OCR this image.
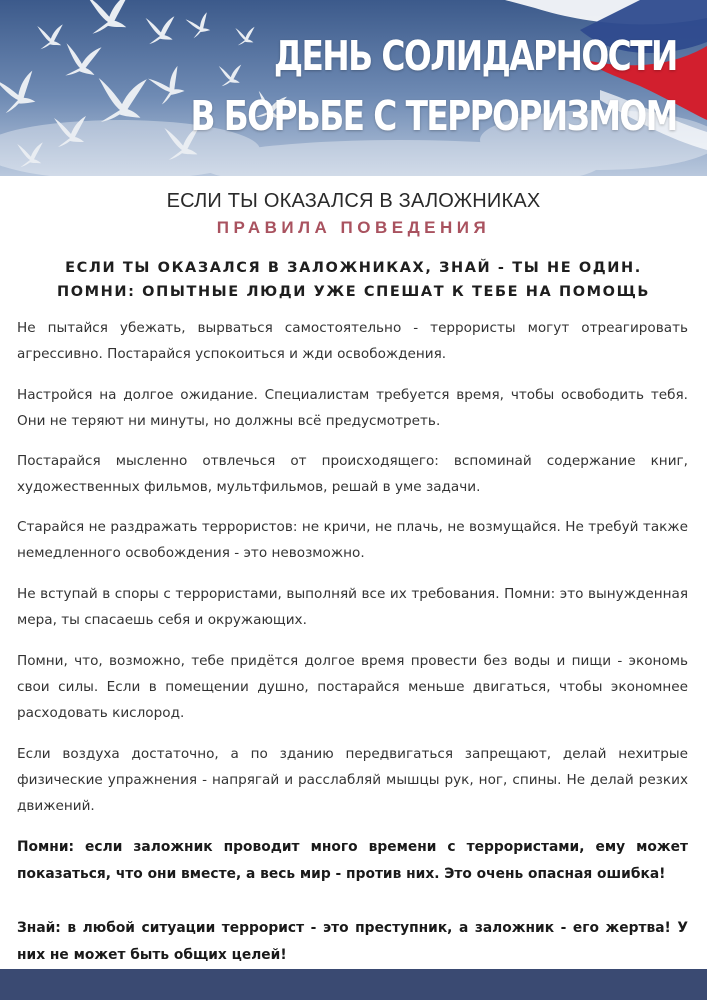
ДЕНЬ СОЛИДАРНОСТИ
В БОРЬБЕ С ТЕРРОРИЗМОМ
ЕСЛИ ТЫ ОКАЗАЛСЯ В ЗАЛОЖНИКАХ
ПРАВИЛА ПОВЕДЕНИЯ
ЕСЛИ ТЫ ОКАЗАЛСЯ В ЗАЛОЖНИКАХ, ЗНАЙ - ТЫ НЕ ОДИН.
ПОМНИ: ОПЫТНЫЕ ЛЮДИ УЖЕ СПЕШАТ К ТЕБЕ НА ПОМОЩЬ

Не пытайся убежать, вырваться самостоятельно - террористы могут отреагировать агрессивно. Постарайся успокоиться и жди освобождения.

Настройся на долгое ожидание. Специалистам требуется время, чтобы освободить тебя. Они не теряют ни минуты, но должны всё предусмотреть.

Постарайся мысленно отвлечься от происходящего: вспоминай содержание книг, художественных фильмов, мультфильмов, решай в уме задачи.

Старайся не раздражать террористов: не кричи, не плачь, не возмущайся. Не требуй также немедленного освобождения - это невозможно.

Не вступай в споры с террористами, выполняй все их требования. Помни: это вынужденная мера, ты спасаешь себя и окружающих.

Помни, что, возможно, тебе придётся долгое время провести без воды и пищи - экономь свои силы. Если в помещении душно, постарайся меньше двигаться, чтобы экономнее расходовать кислород.

Если воздуха достаточно, а по зданию передвигаться запрещают, делай нехитрые физические упражнения - напрягай и расслабляй мышцы рук, ног, спины. Не делай резких движений.

Помни: если заложник проводит много времени с террористами, ему может показаться, что они вместе, а весь мир - против них. Это очень опасная ошибка!

Знай: в любой ситуации террорист - это преступник, а заложник - его жертва! У них не может быть общих целей!
